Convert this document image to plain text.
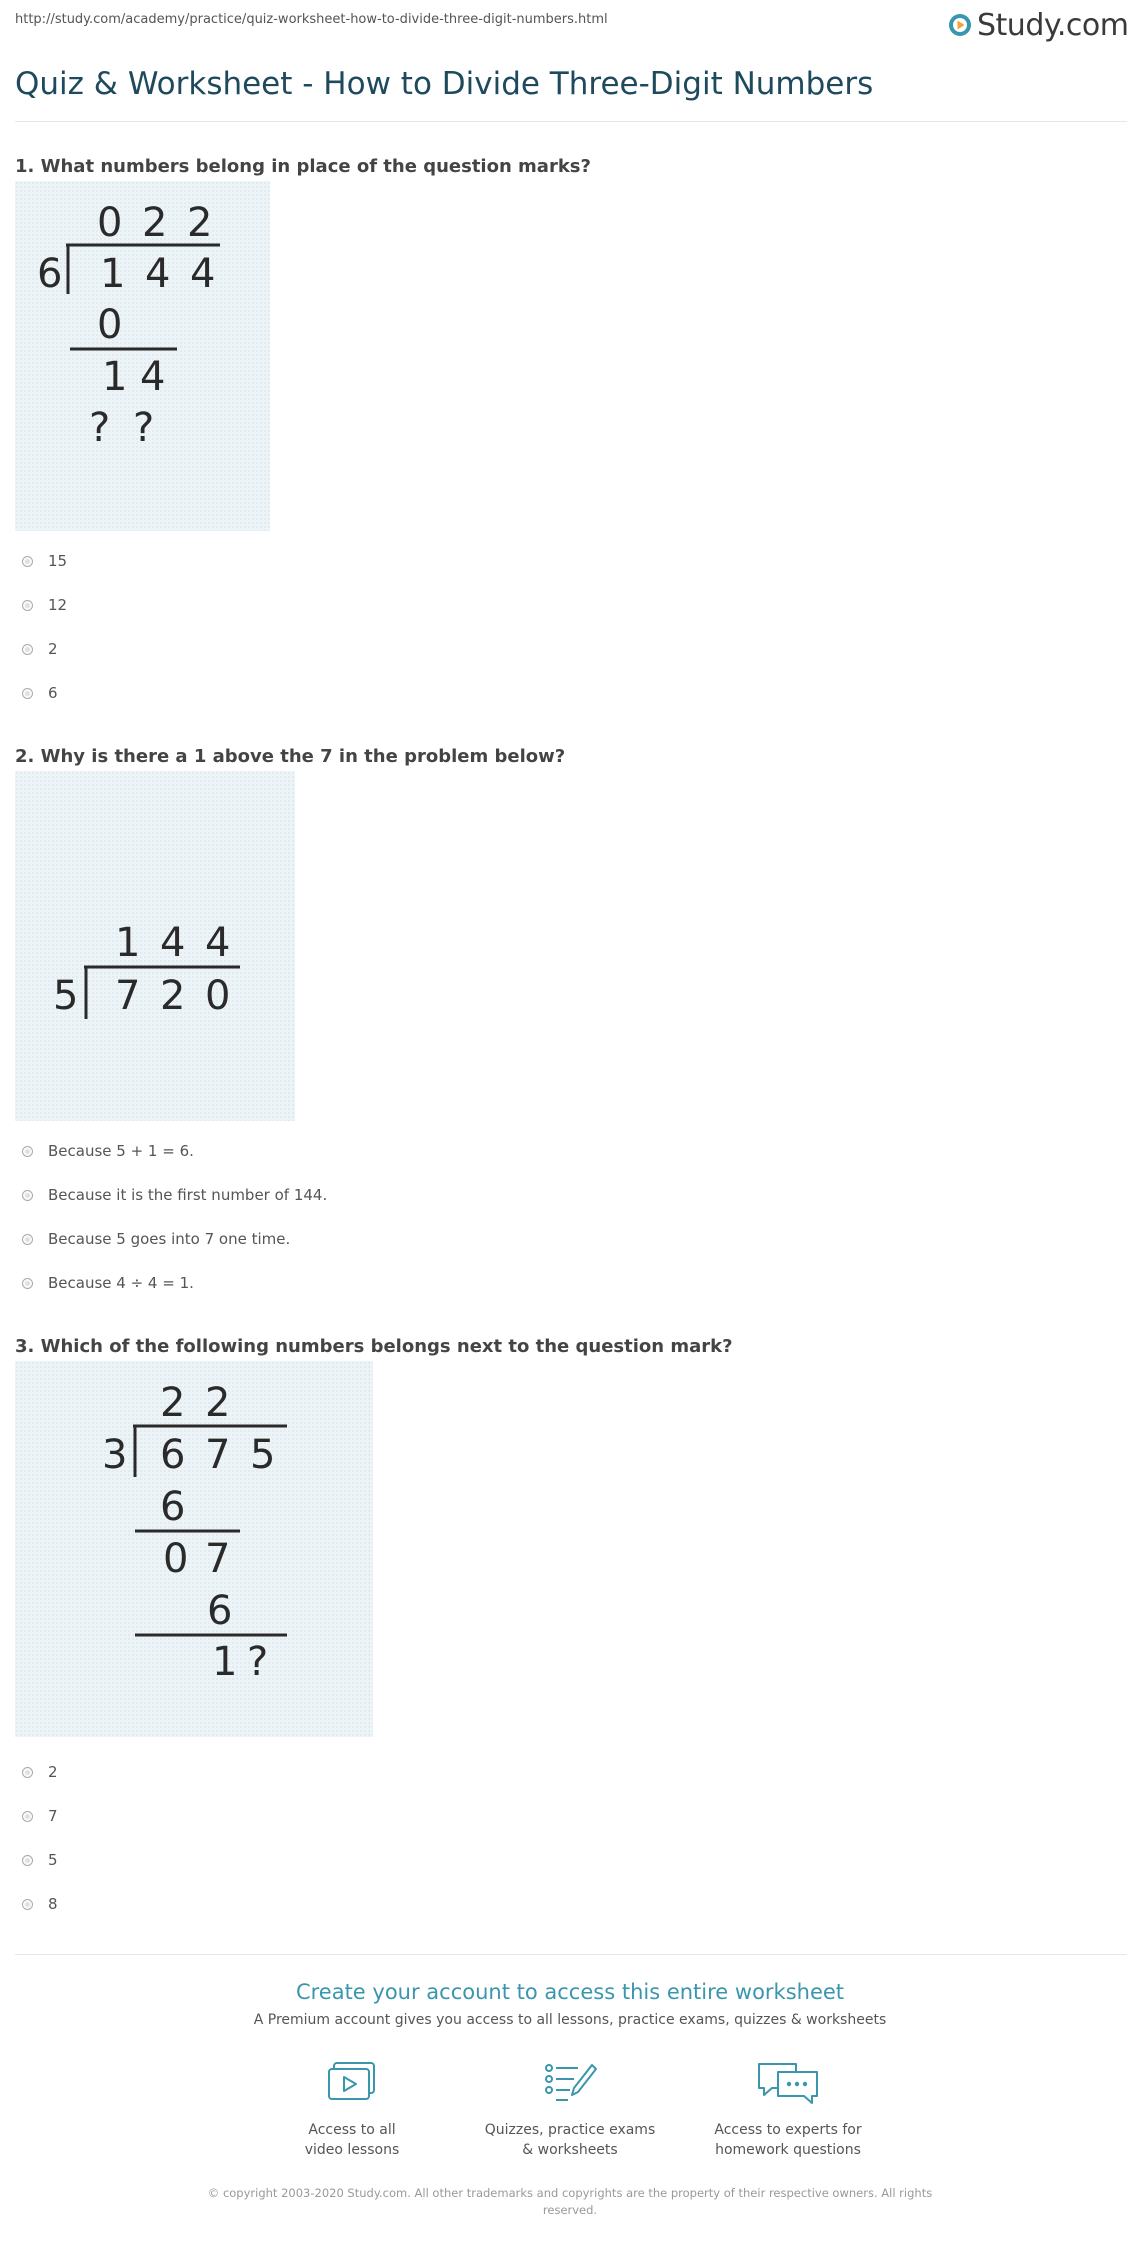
http://study.com/academy/practice/quiz-worksheet-how-to-divide-three-digit-numbers.html	Study.com
Quiz & Worksheet - How to Divide Three-Digit Numbers
1. What numbers belong in place of the question marks?
0 2 2
6 1 4 4
0
1 4
? ?
15
12
2
6
2. Why is there a 1 above the 7 in the problem below?
1 4 4
5 7 2 0
Because 5 + 1 = 6.
Because it is the first number of 144.
Because 5 goes into 7 one time.
Because 4 ÷ 4 = 1.
3. Which of the following numbers belongs next to the question mark?
2 2
3 6 7 5
6
0 7
6
1 ?
2
7
5
8
Create your account to access this entire worksheet
A Premium account gives you access to all lessons, practice exams, quizzes & worksheets
Access to all
video lessons
Quizzes, practice exams
& worksheets
Access to experts for
homework questions
© copyright 2003-2020 Study.com. All other trademarks and copyrights are the property of their respective owners. All rights reserved.
